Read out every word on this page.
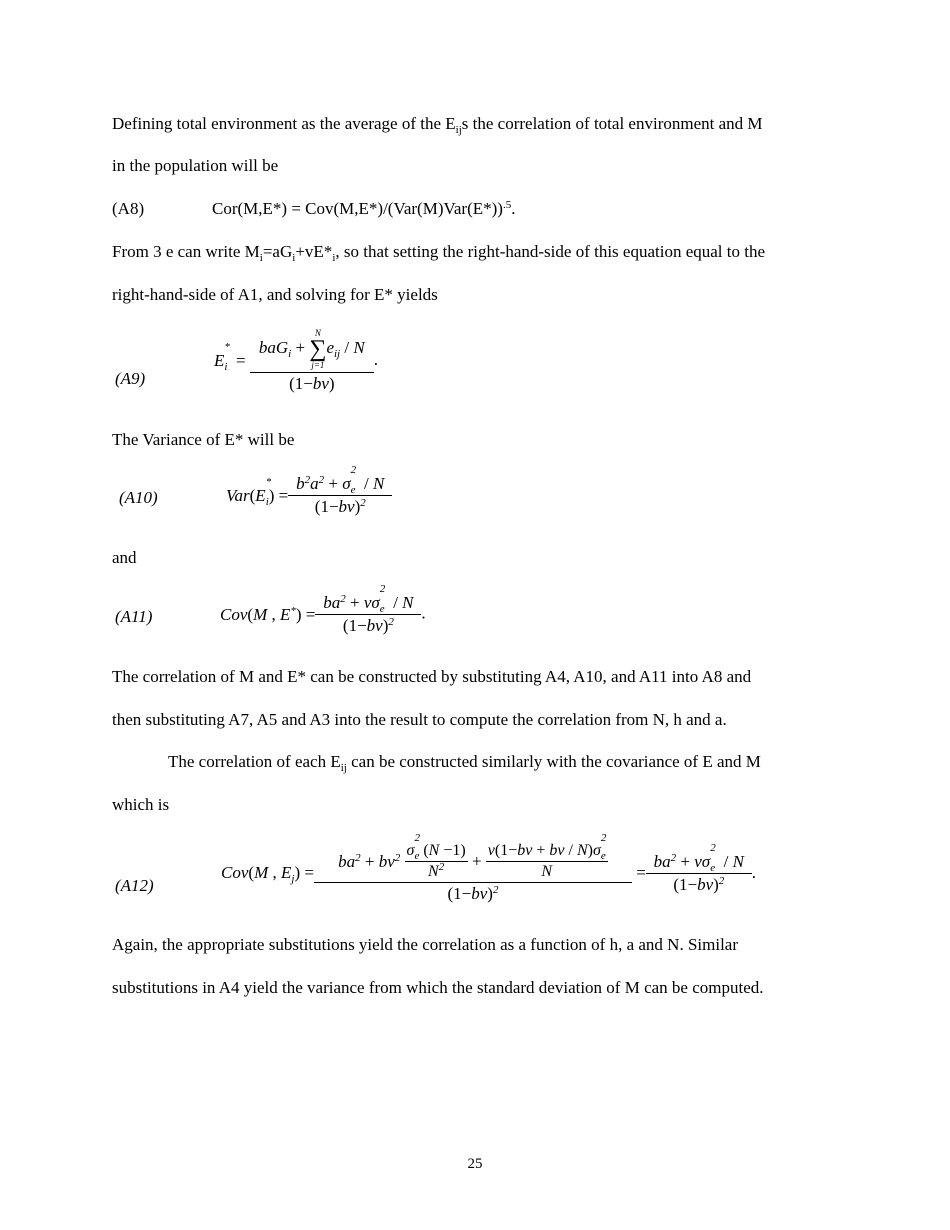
Defining total environment as the average of the $E_{ij}s$ the correlation of total environment and M
in the population will be
(A8)	$Cor(M,E*) = Cov(M,E*)/(Var(M)Var(E*))^{.5}$.
From 3 e can write $M_i=aG_i+vE*_i$, so that setting the right-hand-side of this equation equal to the
right-hand-side of A1, and solving for E* yields
(A9)
$E_i$
*
= baG$_i$ +
N
∑
j=1
$e_{ij}$ / N
(1−bv) .
The Variance of E* will be
(A10)	$Var(E_i$
*
) = $b^2a^2 + \sigma_e$
2
/ N
$(1-bv)^2$
and
(A11)	Cov(M , $E^*) = ba^2 + v\sigma_e$
2
/ N
$(1-bv)^2$ .
The correlation of M and E* can be constructed by substituting A4, A10, and A11 into A8 and
then substituting A7, A5 and A3 into the result to compute the correlation from N, h and a.
The correlation of each $E_{ij}$ can be constructed similarly with the covariance of E and M
which is
(A12)
Cov(M , $E_j) = ba^2 + bv^2$ $\sigma_e$
2
(N −1)
$N^2 + v(1-bv$ + bv / $N)\sigma_e$
2
N
$(1-bv)^2 = ba^2 + v\sigma_e$
2
/ N
$(1-bv)^2$ .
Again, the appropriate substitutions yield the correlation as a function of h, a and N. Similar
substitutions in A4 yield the variance from which the standard deviation of M can be computed.
25
